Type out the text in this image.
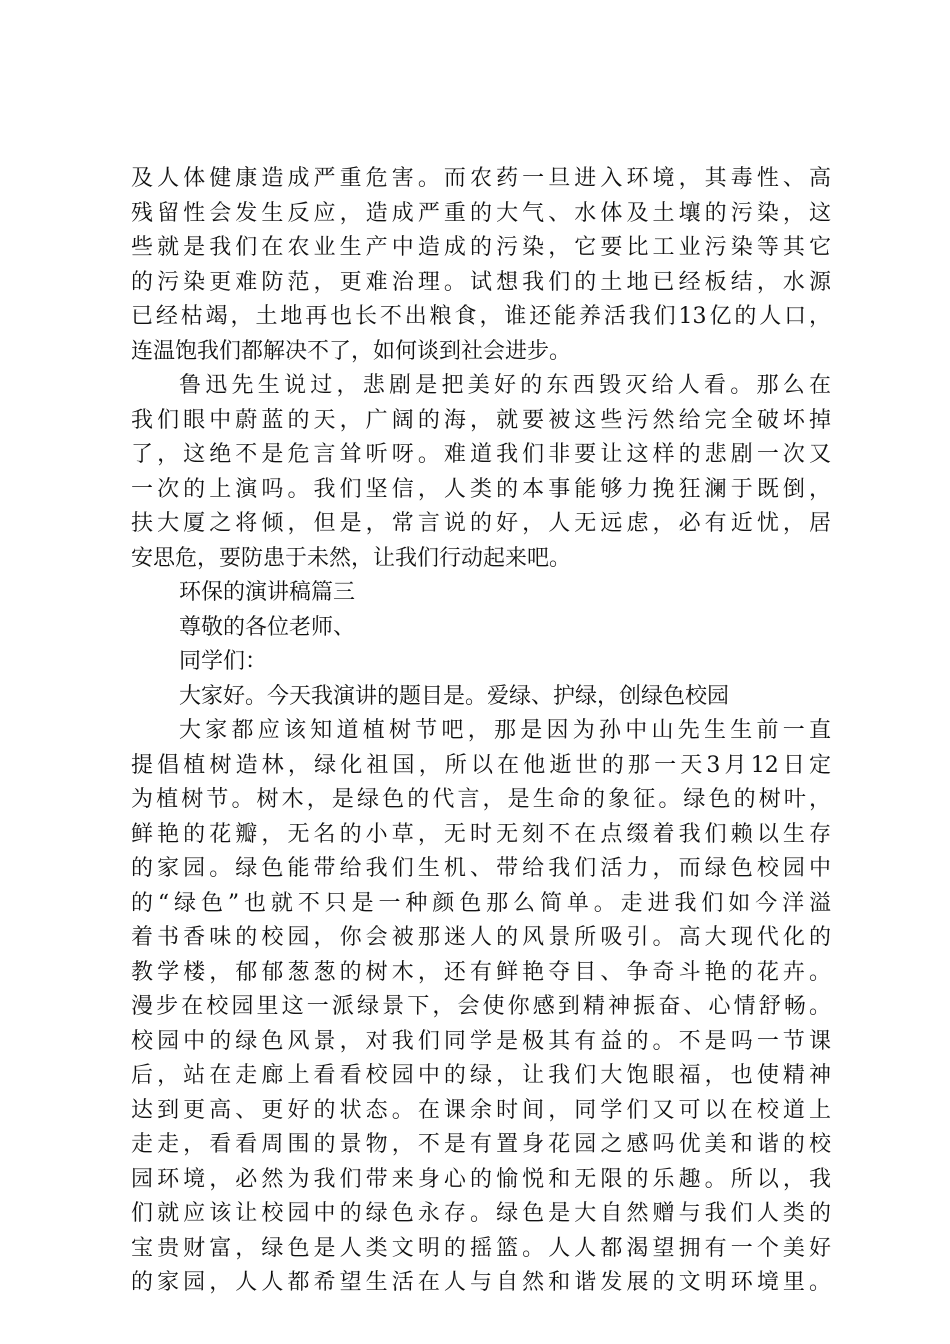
及人体健康造成严重危害。而农药一旦进入环境，其毒性、高
残留性会发生反应，造成严重的大气、水体及土壤的污染，这
些就是我们在农业生产中造成的污染，它要比工业污染等其它
的污染更难防范，更难治理。试想我们的土地已经板结，水源
已经枯竭，土地再也长不出粮食，谁还能养活我们13亿的人口，
连温饱我们都解决不了，如何谈到社会进步。
鲁迅先生说过，悲剧是把美好的东西毁灭给人看。那么在
我们眼中蔚蓝的天，广阔的海，就要被这些污然给完全破坏掉
了，这绝不是危言耸听呀。难道我们非要让这样的悲剧一次又
一次的上演吗。我们坚信，人类的本事能够力挽狂澜于既倒，
扶大厦之将倾，但是，常言说的好，人无远虑，必有近忧，居
安思危，要防患于未然，让我们行动起来吧。
环保的演讲稿篇三
尊敬的各位老师、
同学们：
大家好。今天我演讲的题目是。爱绿、护绿，创绿色校园
大家都应该知道植树节吧，那是因为孙中山先生生前一直
提倡植树造林，绿化祖国，所以在他逝世的那一天3月12日定
为植树节。树木，是绿色的代言，是生命的象征。绿色的树叶，
鲜艳的花瓣，无名的小草，无时无刻不在点缀着我们赖以生存
的家园。绿色能带给我们生机、带给我们活力，而绿色校园中
的“绿色”也就不只是一种颜色那么简单。走进我们如今洋溢
着书香味的校园，你会被那迷人的风景所吸引。高大现代化的
教学楼，郁郁葱葱的树木，还有鲜艳夺目、争奇斗艳的花卉。
漫步在校园里这一派绿景下，会使你感到精神振奋、心情舒畅。
校园中的绿色风景，对我们同学是极其有益的。不是吗一节课
后，站在走廊上看看校园中的绿，让我们大饱眼福，也使精神
达到更高、更好的状态。在课余时间，同学们又可以在校道上
走走，看看周围的景物，不是有置身花园之感吗优美和谐的校
园环境，必然为我们带来身心的愉悦和无限的乐趣。所以，我
们就应该让校园中的绿色永存。绿色是大自然赠与我们人类的
宝贵财富，绿色是人类文明的摇篮。人人都渴望拥有一个美好
的家园，人人都希望生活在人与自然和谐发展的文明环境里。
